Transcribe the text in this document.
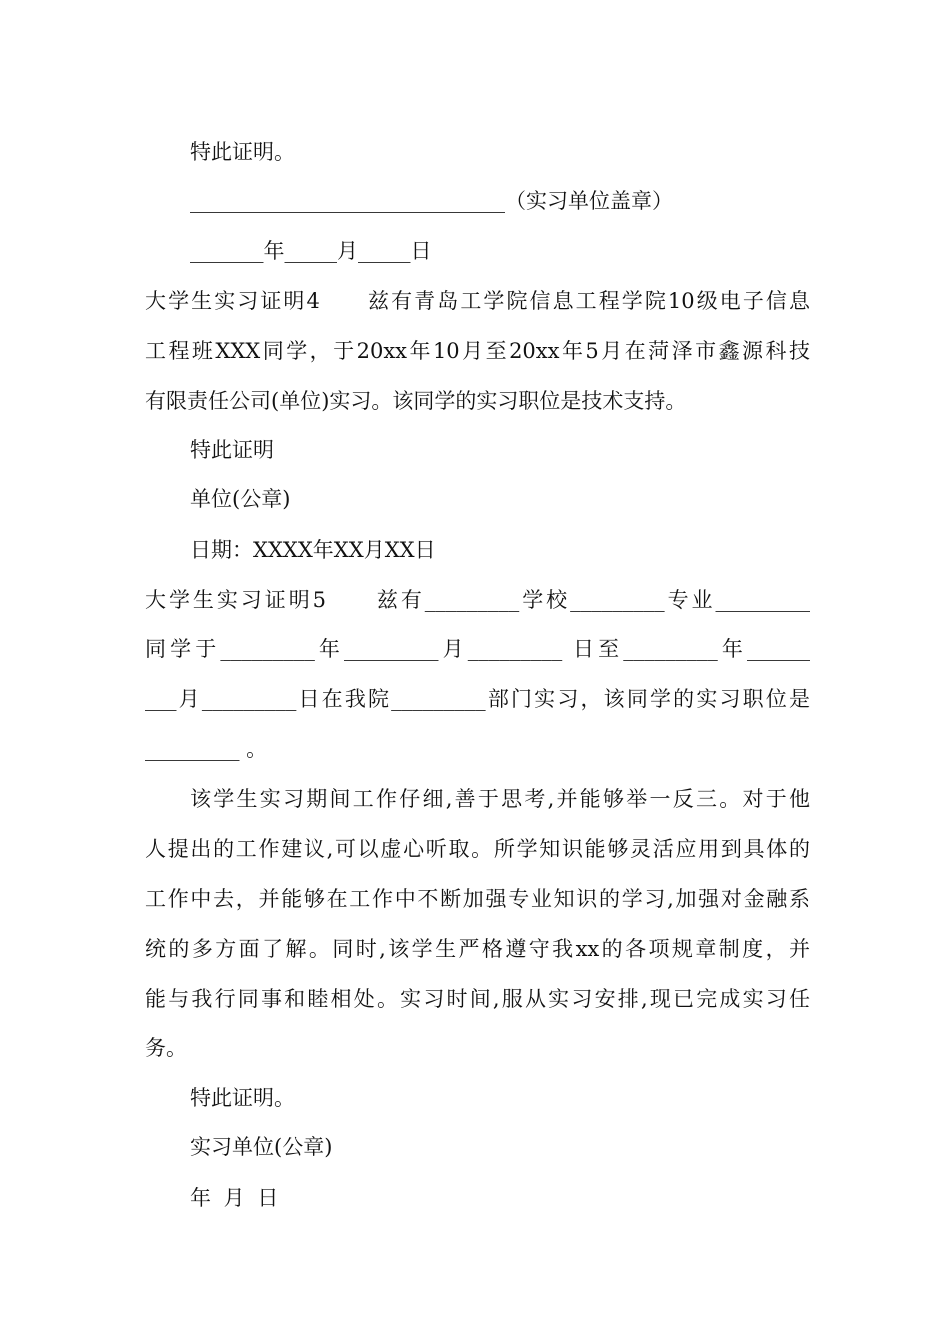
特此证明。
______________________________（实习单位盖章）
_______年_____月_____日
大学生实习证明4　　兹有青岛工学院信息工程学院10级电子信息
工程班XXX同学，于20xx年10月至20xx年5月在菏泽市鑫源科技
有限责任公司(单位)实习。该同学的实习职位是技术支持。
特此证明
单位(公章)
日期：XXXX年XX月XX日
大学生实习证明5　　兹有_________学校_________专业_________
同学于_________年_________月_________ 日至_________年______
___月_________日在我院_________部门实习，该同学的实习职位是
_________ 。
该学生实习期间工作仔细,善于思考,并能够举一反三。对于他
人提出的工作建议,可以虚心听取。所学知识能够灵活应用到具体的
工作中去，并能够在工作中不断加强专业知识的学习,加强对金融系
统的多方面了解。同时,该学生严格遵守我xx的各项规章制度，并
能与我行同事和睦相处。实习时间,服从实习安排,现已完成实习任
务。
特此证明。
实习单位(公章)
年 月 日
